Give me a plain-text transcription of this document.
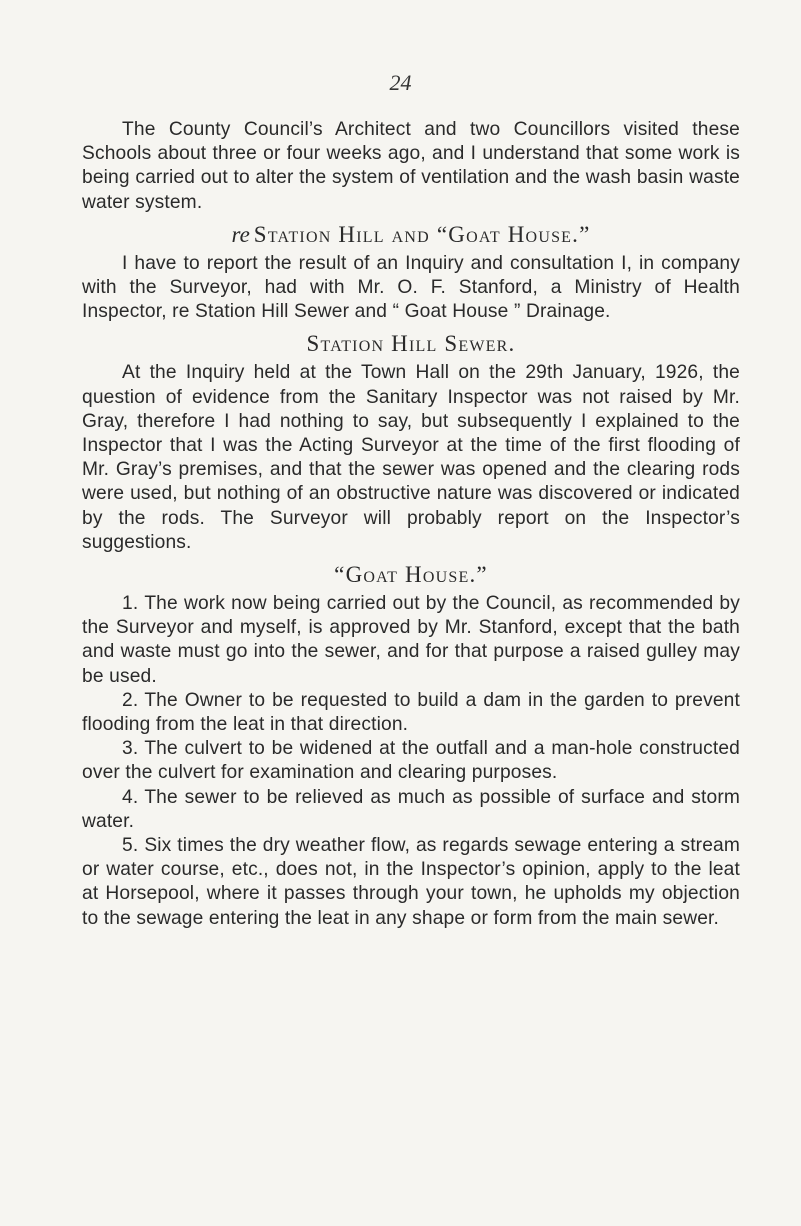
24

The County Council’s Architect and two Councillors visited these Schools about three or four weeks ago, and I understand that some work is being carried out to alter the system of ventilation and the wash basin waste water system.

re Station Hill and “Goat House.”

I have to report the result of an Inquiry and consultation I, in company with the Surveyor, had with Mr. O. F. Stanford, a Ministry of Health Inspector, re Station Hill Sewer and “ Goat House ” Drainage.

Station Hill Sewer.

At the Inquiry held at the Town Hall on the 29th January, 1926, the question of evidence from the Sanitary Inspector was not raised by Mr. Gray, therefore I had nothing to say, but subsequently I explained to the Inspector that I was the Acting Surveyor at the time of the first flooding of Mr. Gray’s premises, and that the sewer was opened and the clearing rods were used, but nothing of an obstructive nature was discovered or indicated by the rods. The Surveyor will probably report on the Inspector’s suggestions.

“Goat House.”

1. The work now being carried out by the Council, as recommended by the Surveyor and myself, is approved by Mr. Stanford, except that the bath and waste must go into the sewer, and for that purpose a raised gulley may be used.

2. The Owner to be requested to build a dam in the garden to prevent flooding from the leat in that direction.

3. The culvert to be widened at the outfall and a man-hole constructed over the culvert for examination and clearing purposes.

4. The sewer to be relieved as much as possible of surface and storm water.

5. Six times the dry weather flow, as regards sewage entering a stream or water course, etc., does not, in the Inspector’s opinion, apply to the leat at Horsepool, where it passes through your town, he upholds my objection to the sewage entering the leat in any shape or form from the main sewer.
